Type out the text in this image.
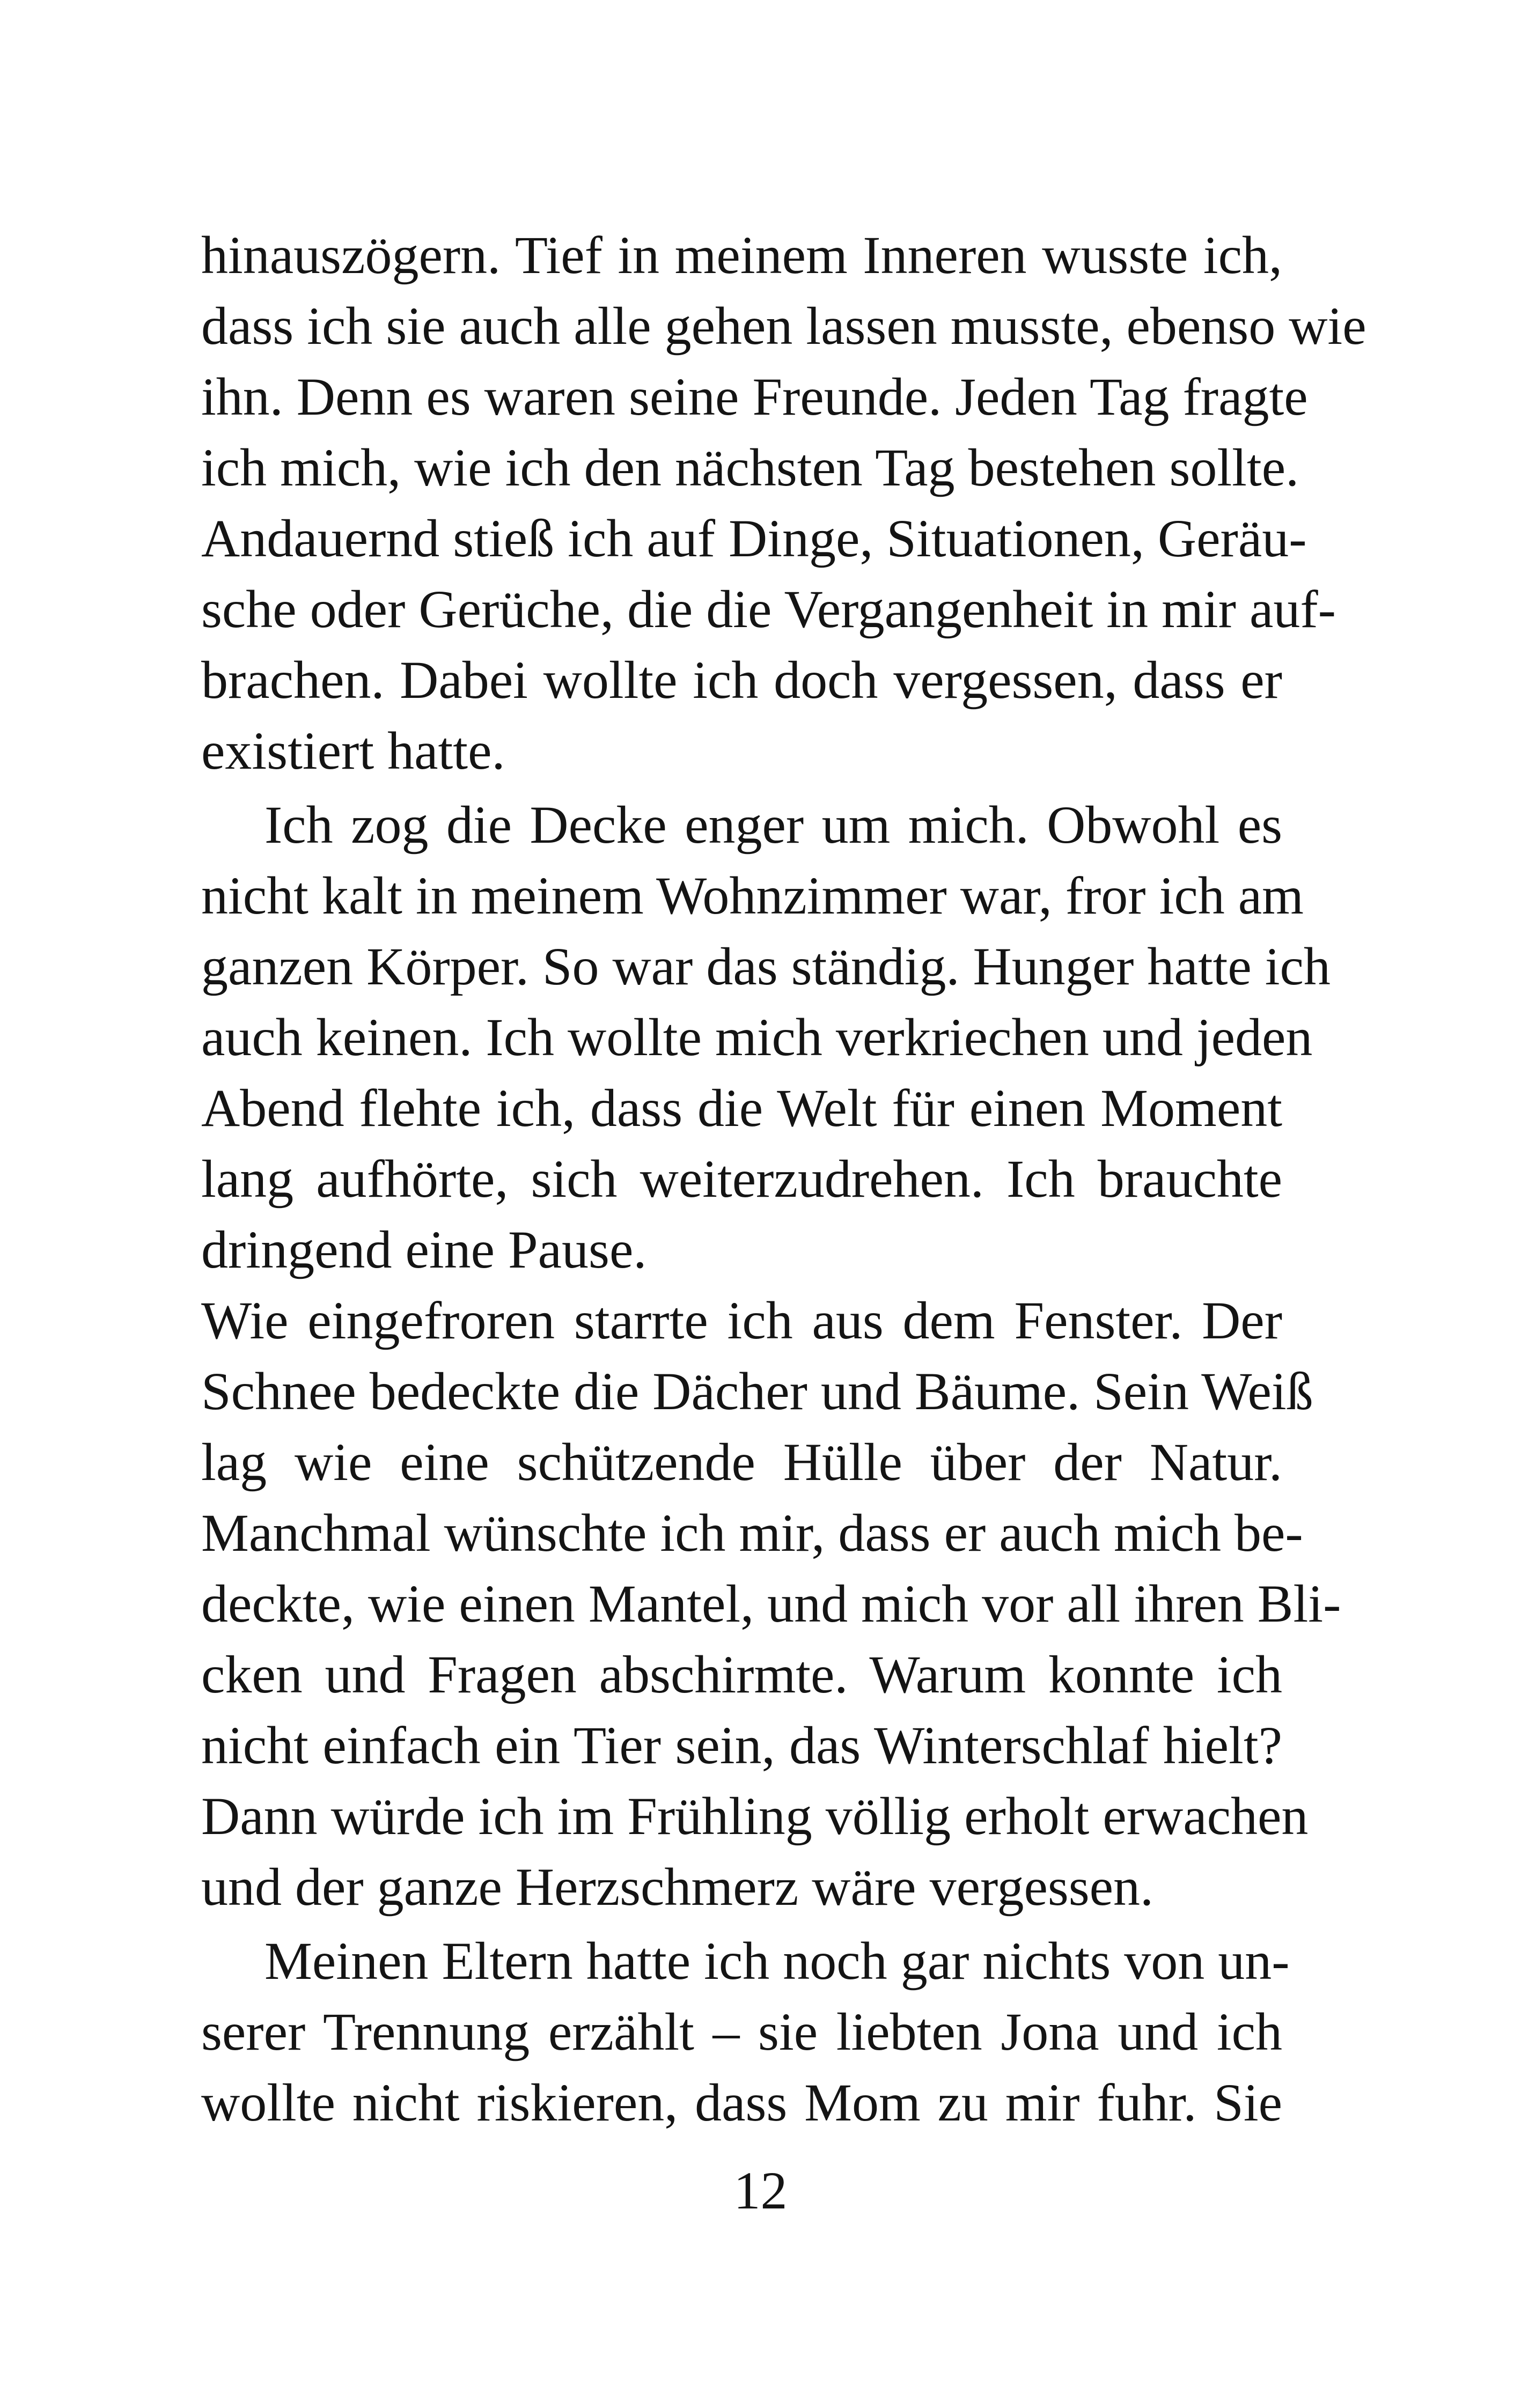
hinauszögern. Tief in meinem Inneren wusste ich,
dass ich sie auch alle gehen lassen musste, ebenso wie
ihn. Denn es waren seine Freunde. Jeden Tag fragte
ich mich, wie ich den nächsten Tag bestehen sollte.
Andauernd stieß ich auf Dinge, Situationen, Geräu-
sche oder Gerüche, die die Vergangenheit in mir auf-
brachen. Dabei wollte ich doch vergessen, dass er
existiert hatte.
Ich zog die Decke enger um mich. Obwohl es
nicht kalt in meinem Wohnzimmer war, fror ich am
ganzen Körper. So war das ständig. Hunger hatte ich
auch keinen. Ich wollte mich verkriechen und jeden
Abend flehte ich, dass die Welt für einen Moment
lang aufhörte, sich weiterzudrehen. Ich brauchte
dringend eine Pause.
Wie eingefroren starrte ich aus dem Fenster. Der
Schnee bedeckte die Dächer und Bäume. Sein Weiß
lag wie eine schützende Hülle über der Natur.
Manchmal wünschte ich mir, dass er auch mich be-
deckte, wie einen Mantel, und mich vor all ihren Bli-
cken und Fragen abschirmte. Warum konnte ich
nicht einfach ein Tier sein, das Winterschlaf hielt?
Dann würde ich im Frühling völlig erholt erwachen
und der ganze Herzschmerz wäre vergessen.
Meinen Eltern hatte ich noch gar nichts von un-
serer Trennung erzählt – sie liebten Jona und ich
wollte nicht riskieren, dass Mom zu mir fuhr. Sie
12
